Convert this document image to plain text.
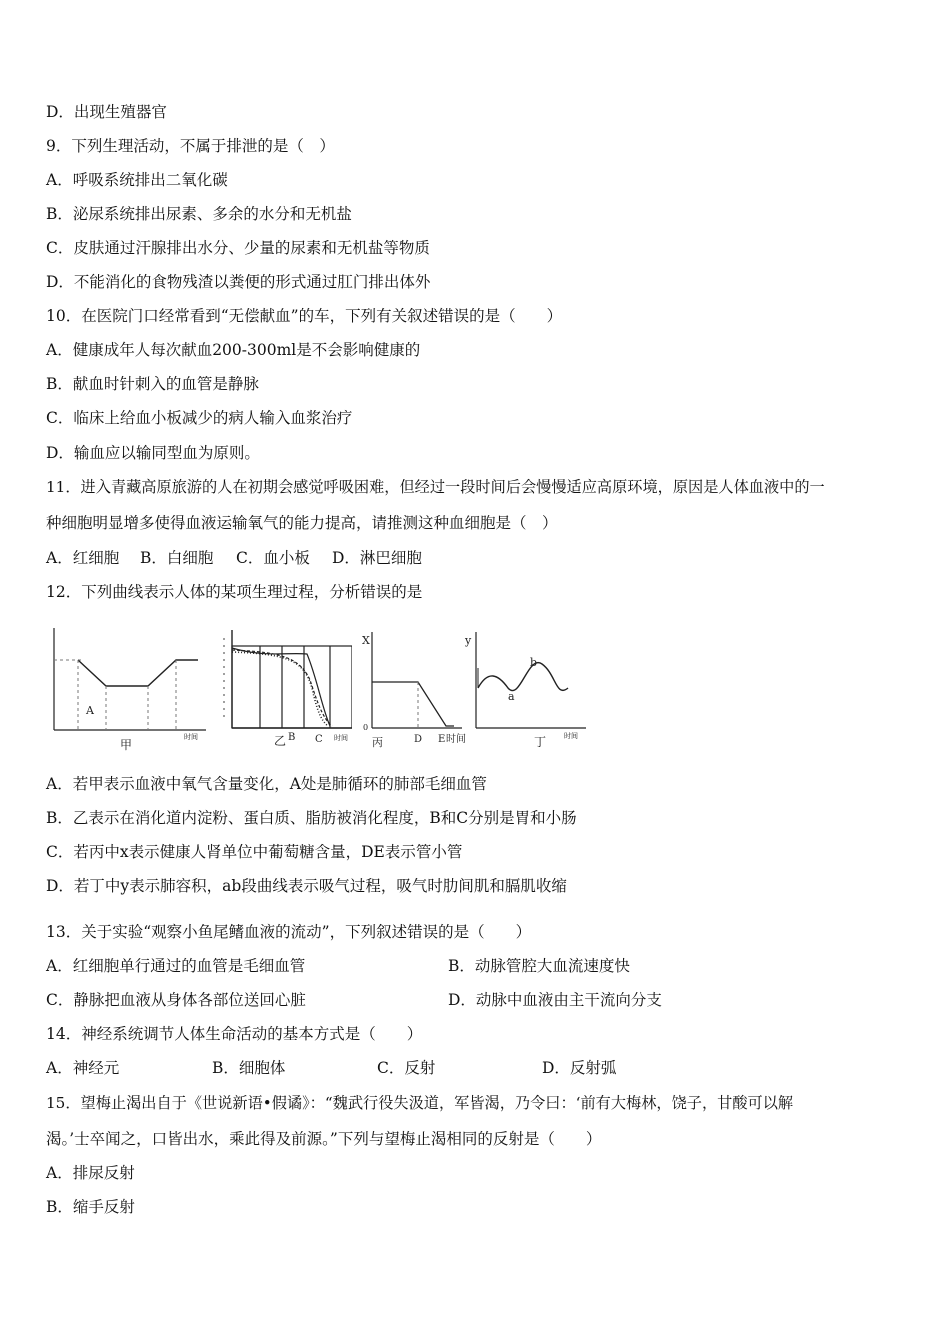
D．出现生殖器官
9．下列生理活动，不属于排泄的是（　）
A．呼吸系统排出二氧化碳
B．泌尿系统排出尿素、多余的水分和无机盐
C．皮肤通过汗腺排出水分、少量的尿素和无机盐等物质
D．不能消化的食物残渣以粪便的形式通过肛门排出体外
10．在医院门口经常看到“无偿献血”的车，下列有关叙述错误的是（　　）
A．健康成年人每次献血200-300ml是不会影响健康的
B．献血时针刺入的血管是静脉
C．临床上给血小板减少的病人输入血浆治疗
D．输血应以输同型血为原则。
11．进入青藏高原旅游的人在初期会感觉呼吸困难，但经过一段时间后会慢慢适应高原环境，原因是人体血液中的一
种细胞明显增多使得血液运输氧气的能力提高，请推测这种血细胞是（　）
A．红细胞 B．白细胞 C．血小板 D．淋巴细胞
12．下列曲线表示人体的某项生理过程，分析错误的是
A
时间
甲
B C 时间
乙
X
0
丙	D E 时间
y
a
b
丁	时间
A．若甲表示血液中氧气含量变化，A处是肺循环的肺部毛细血管
B．乙表示在消化道内淀粉、蛋白质、脂肪被消化程度，B和C分别是胃和小肠
C．若丙中x表示健康人肾单位中葡萄糖含量，DE表示管小管
D．若丁中y表示肺容积，ab段曲线表示吸气过程，吸气时肋间肌和膈肌收缩
13．关于实验“观察小鱼尾鳍血液的流动”，下列叙述错误的是（　　）
A．红细胞单行通过的血管是毛细血管	B．动脉管腔大血流速度快
C．静脉把血液从身体各部位送回心脏	D．动脉中血液由主干流向分支
14．神经系统调节人体生命活动的基本方式是（　　）
A．神经元	B．细胞体	C．反射	D．反射弧
15．望梅止渴出自于《世说新语•假谲》：“魏武行役失汲道，军皆渴，乃令曰：‘前有大梅林，饶子，甘酸可以解
渴。’士卒闻之，口皆出水，乘此得及前源。”下列与望梅止渴相同的反射是（　　）
A．排尿反射
B．缩手反射
